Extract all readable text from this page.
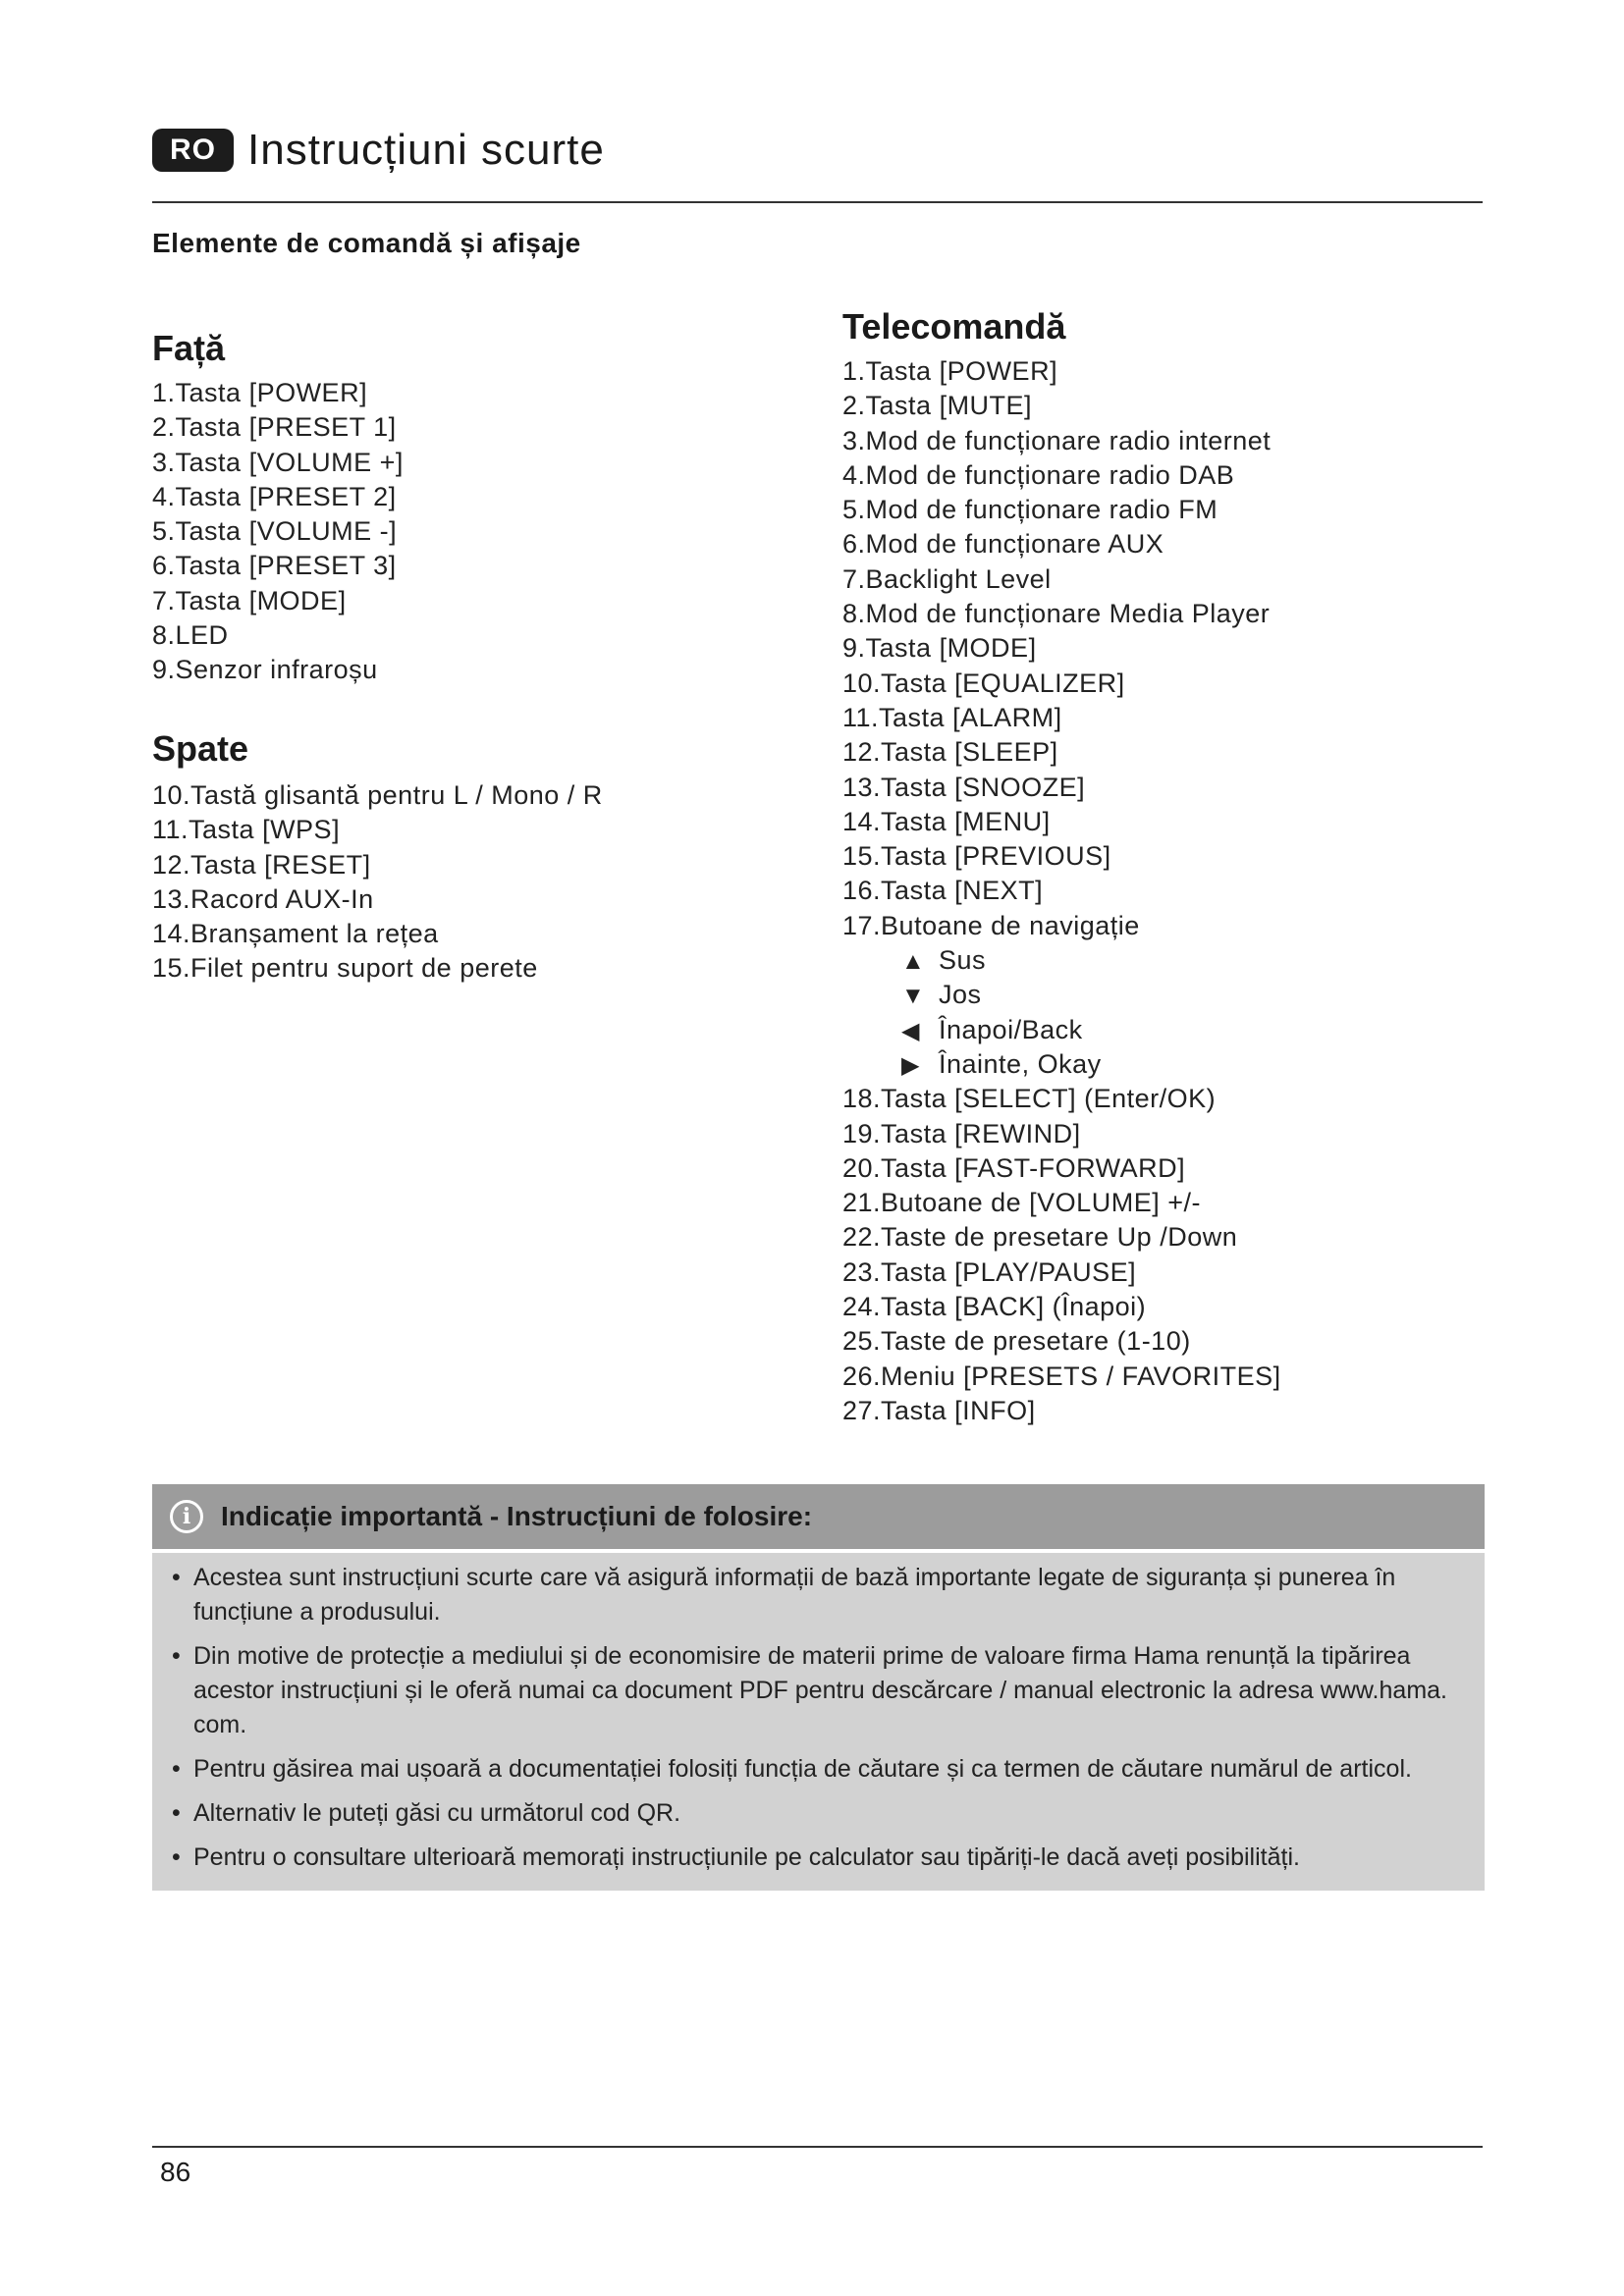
RO Instrucțiuni scurte
Elemente de comandă și afișaje
Față
1.Tasta [POWER]
2.Tasta [PRESET 1]
3.Tasta [VOLUME +]
4.Tasta [PRESET 2]
5.Tasta [VOLUME -]
6.Tasta [PRESET 3]
7.Tasta [MODE]
8.LED
9.Senzor infraroșu
Spate
10.Tastă glisantă pentru L / Mono / R
11.Tasta [WPS]
12.Tasta [RESET]
13.Racord AUX-In
14.Branșament la rețea
15.Filet pentru suport de perete
Telecomandă
1.Tasta [POWER]
2.Tasta [MUTE]
3.Mod de funcționare radio internet
4.Mod de funcționare radio DAB
5.Mod de funcționare radio FM
6.Mod de funcționare AUX
7.Backlight Level
8.Mod de funcționare Media Player
9.Tasta [MODE]
10.Tasta [EQUALIZER]
11.Tasta [ALARM]
12.Tasta [SLEEP]
13.Tasta [SNOOZE]
14.Tasta [MENU]
15.Tasta [PREVIOUS]
16.Tasta [NEXT]
17.Butoane de navigație
▲ Sus
▼ Jos
◀ Înapoi/Back
▶ Înainte, Okay
18.Tasta [SELECT] (Enter/OK)
19.Tasta [REWIND]
20.Tasta [FAST-FORWARD]
21.Butoane de [VOLUME] +/-
22.Taste de presetare Up /Down
23.Tasta [PLAY/PAUSE]
24.Tasta [BACK] (Înapoi)
25.Taste de presetare (1-10)
26.Meniu [PRESETS / FAVORITES]
27.Tasta [INFO]
i	Indicație importantă - Instrucțiuni de folosire:
• Acestea sunt instrucțiuni scurte care vă asigură informații de bază importante legate de siguranța și punerea în funcțiune a produsului.
• Din motive de protecție a mediului și de economisire de materii prime de valoare firma Hama renunță la tipărirea acestor instrucțiuni și le oferă numai ca document PDF pentru descărcare / manual electronic la adresa www.hama. com.
• Pentru găsirea mai ușoară a documentației folosiți funcția de căutare și ca termen de căutare numărul de articol.
• Alternativ le puteți găsi cu următorul cod QR.
• Pentru o consultare ulterioară memorați instrucțiunile pe calculator sau tipăriți-le dacă aveți posibilități.
86
